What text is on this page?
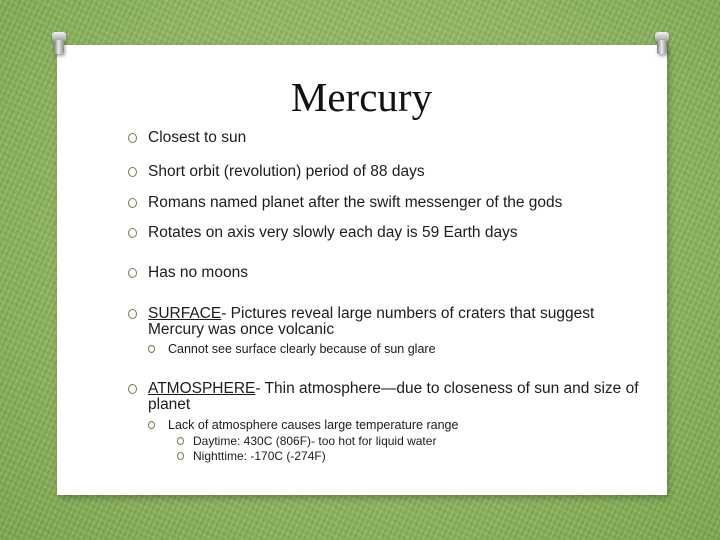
Mercury
Closest to sun
Short orbit (revolution) period of 88 days
Romans named planet after the swift messenger of the gods
Rotates on axis very slowly each day is 59 Earth days
Has no moons
SURFACE- Pictures reveal large numbers of craters that suggest Mercury was once volcanic
Cannot see surface clearly because of sun glare
ATMOSPHERE- Thin atmosphere—due to closeness of sun and size of planet
Lack of atmosphere causes large temperature range
Daytime: 430C (806F)- too hot for liquid water
Nighttime: -170C (-274F)
